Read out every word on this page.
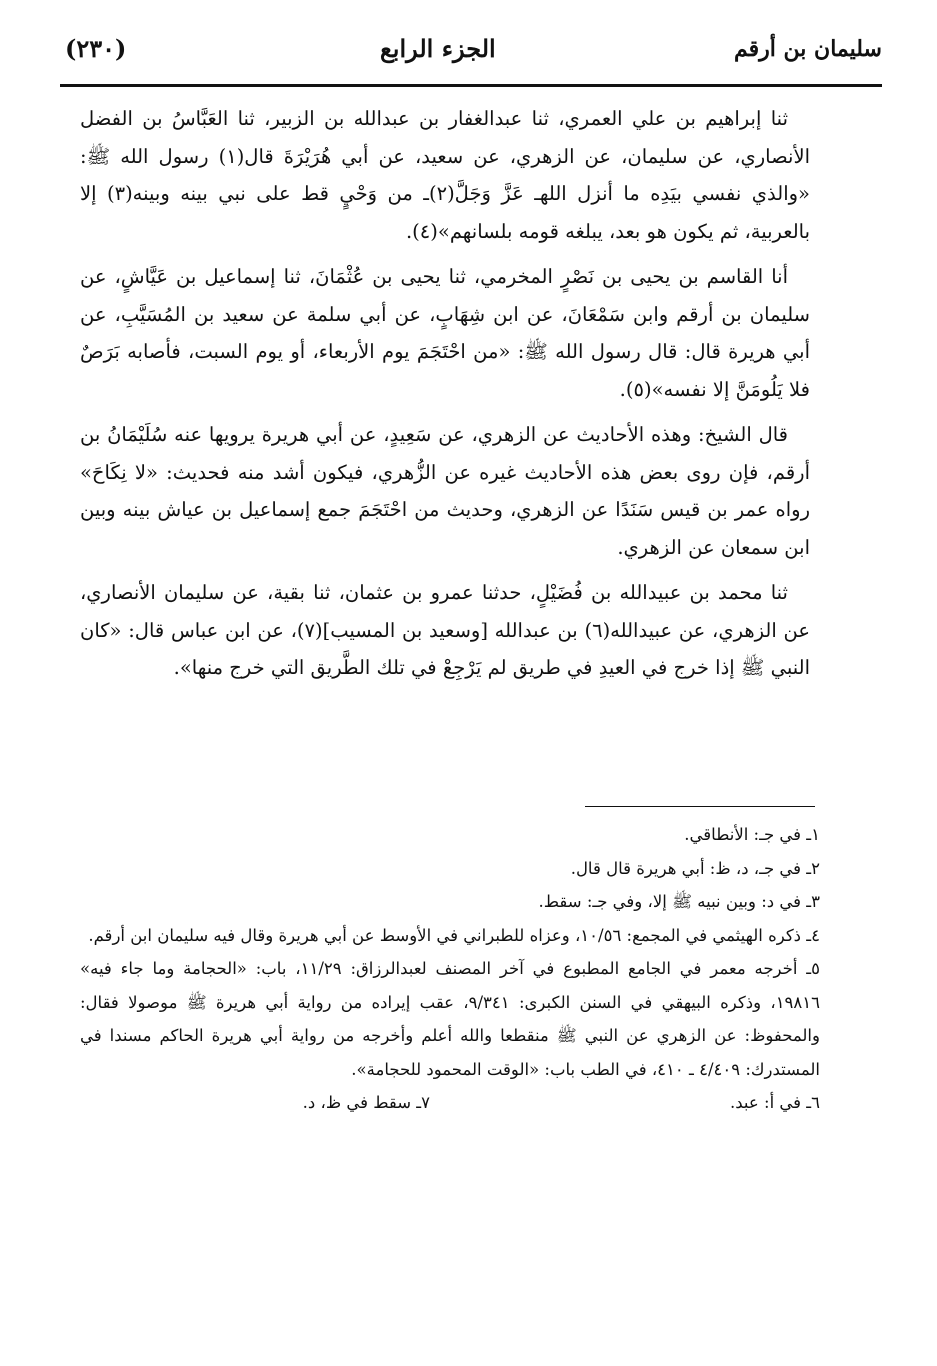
(٢٣٠)	الجزء الرابع	سليمان بن أرقم

ثنا إبراهيم بن علي العمري، ثنا عبدالغفار بن عبدالله بن الزبير، ثنا العَبَّاسُ بن الفضل الأنصاري، عن سليمان، عن الزهري، عن سعيد، عن أبي هُرَيْرَةَ قال(١) رسول الله ﷺ: «والذي نفسي بيَدِه ما أنزل اللهـ عَزَّ وَجَلَّ(٢)ـ من وَحْيٍ قط على نبي بينه وبينه(٣) إلا بالعربية، ثم يكون هو بعد، يبلغه قومه بلسانهم»(٤).

أنا القاسم بن يحيى بن نَصْرٍ المخرمي، ثنا يحيى بن عُثْمَانَ، ثنا إسماعيل بن عَيَّاشٍ، عن سليمان بن أرقم وابن سَمْعَانَ، عن ابن شِهَابٍ، عن أبي سلمة عن سعيد بن المُسَيَّبِ، عن أبي هريرة قال: قال رسول الله ﷺ: «من احْتَجَمَ يوم الأربعاء، أو يوم السبت، فأصابه بَرَصٌ فلا يَلُومَنَّ إلا نفسه»(٥).

قال الشيخ: وهذه الأحاديث عن الزهري، عن سَعِيدٍ، عن أبي هريرة يرويها عنه سُلَيْمَانُ بن أرقم، فإن روى بعض هذه الأحاديث غيره عن الزُّهري، فيكون أشد منه فحديث: «لا نِكَاحَ» رواه عمر بن قيس سَنَدًا عن الزهري، وحديث من احْتَجَمَ جمع إسماعيل بن عياش بينه وبين ابن سمعان عن الزهري.

ثنا محمد بن عبيدالله بن فُضَيْلٍ، حدثنا عمرو بن عثمان، ثنا بقية، عن سليمان الأنصاري، عن الزهري، عن عبيدالله(٦) بن عبدالله [وسعيد بن المسيب](٧)، عن ابن عباس قال: «كان النبي ﷺ إذا خرج في العيدِ في طريق لم يَرْجِعْ في تلك الطَّريق التي خرج منها».

١ـ في جـ: الأنطاقي.

٢ـ في جـ، د، ظ: أبي هريرة قال قال.

٣ـ في د: وبين نبيه ﷺ إلا، وفي جـ: سقط.

٤ـ ذكره الهيثمي في المجمع: ١٠/٥٦، وعزاه للطبراني في الأوسط عن أبي هريرة وقال فيه سليمان ابن أرقم.

٥ـ أخرجه معمر في الجامع المطبوع في آخر المصنف لعبدالرزاق: ١١/٢٩، باب: «الحجامة وما جاء فيه» ١٩٨١٦، وذكره البيهقي في السنن الكبرى: ٩/٣٤١، عقب إيراده من رواية أبي هريرة ﷺ موصولا فقال: والمحفوظ: عن الزهري عن النبي ﷺ منقطعا والله أعلم وأخرجه من رواية أبي هريرة الحاكم مسندا في المستدرك: ٤/٤٠٩ ـ ٤١٠، في الطب باب: «الوقت المحمود للحجامة».

٦ـ في أ: عبد.
٧ـ سقط في ظ، د.
